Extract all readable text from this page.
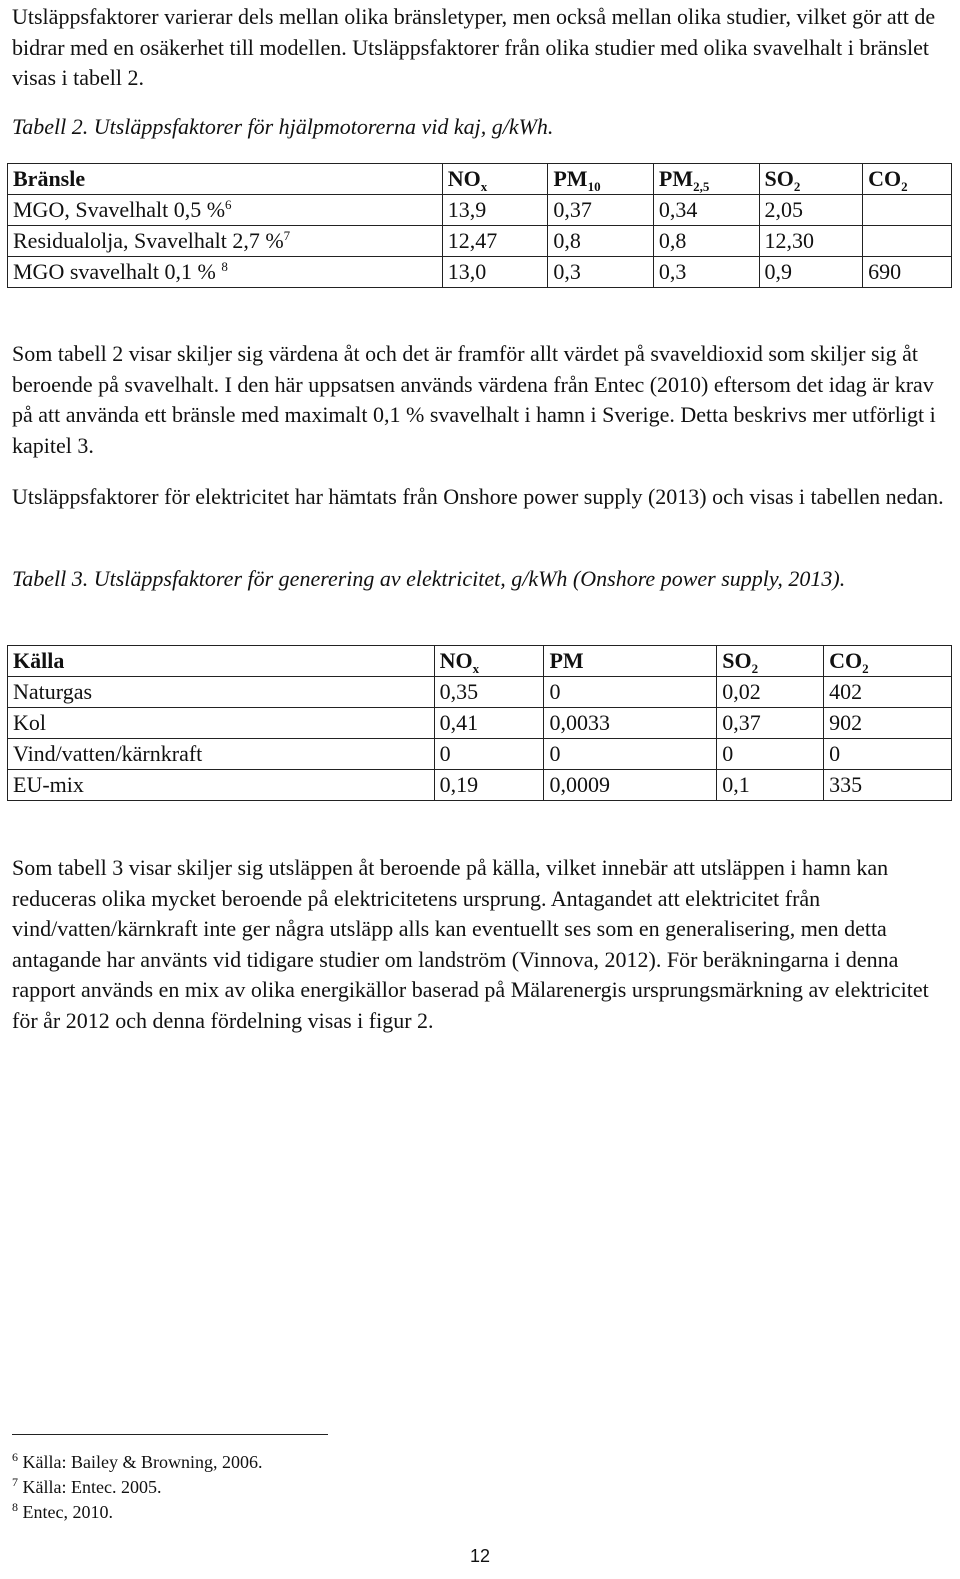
Utsläppsfaktorer varierar dels mellan olika bränsletyper, men också mellan olika studier, vilket gör att de bidrar med en osäkerhet till modellen. Utsläppsfaktorer från olika studier med olika svavelhalt i bränslet visas i tabell 2.

Tabell 2. Utsläppsfaktorer för hjälpmotorerna vid kaj, g/kWh.

Bränsle	$NO_x$	$PM_{10}$	$PM_{2,5}$	$SO_2$	$CO_2$
MGO, Svavelhalt 0,5 %$^6$	13,9	0,37	0,34	2,05	
Residualolja, Svavelhalt 2,7 %$^7$	12,47	0,8	0,8	12,30	
MGO svavelhalt 0,1 % $^8$	13,0	0,3	0,3	0,9	690

Som tabell 2 visar skiljer sig värdena åt och det är framför allt värdet på svaveldioxid som skiljer sig åt beroende på svavelhalt. I den här uppsatsen används värdena från Entec (2010) eftersom det idag är krav på att använda ett bränsle med maximalt 0,1 % svavelhalt i hamn i Sverige. Detta beskrivs mer utförligt i kapitel 3.

Utsläppsfaktorer för elektricitet har hämtats från Onshore power supply (2013) och visas i tabellen nedan.

Tabell 3. Utsläppsfaktorer för generering av elektricitet, g/kWh (Onshore power supply, 2013).

Källa	$NO_x$	PM	$SO_2$	$CO_2$
Naturgas	0,35	0	0,02	402
Kol	0,41	0,0033	0,37	902
Vind/vatten/kärnkraft	0	0	0	0
EU-mix	0,19	0,0009	0,1	335

Som tabell 3 visar skiljer sig utsläppen åt beroende på källa, vilket innebär att utsläppen i hamn kan reduceras olika mycket beroende på elektricitetens ursprung. Antagandet att elektricitet från vind/vatten/kärnkraft inte ger några utsläpp alls kan eventuellt ses som en generalisering, men detta antagande har använts vid tidigare studier om landström (Vinnova, 2012). För beräkningarna i denna rapport används en mix av olika energikällor baserad på Mälarenergis ursprungsmärkning av elektricitet för år 2012 och denna fördelning visas i figur 2.

$^6$ Källa: Bailey & Browning, 2006.

$^7$ Källa: Entec. 2005.

$^8$ Entec, 2010.

12
